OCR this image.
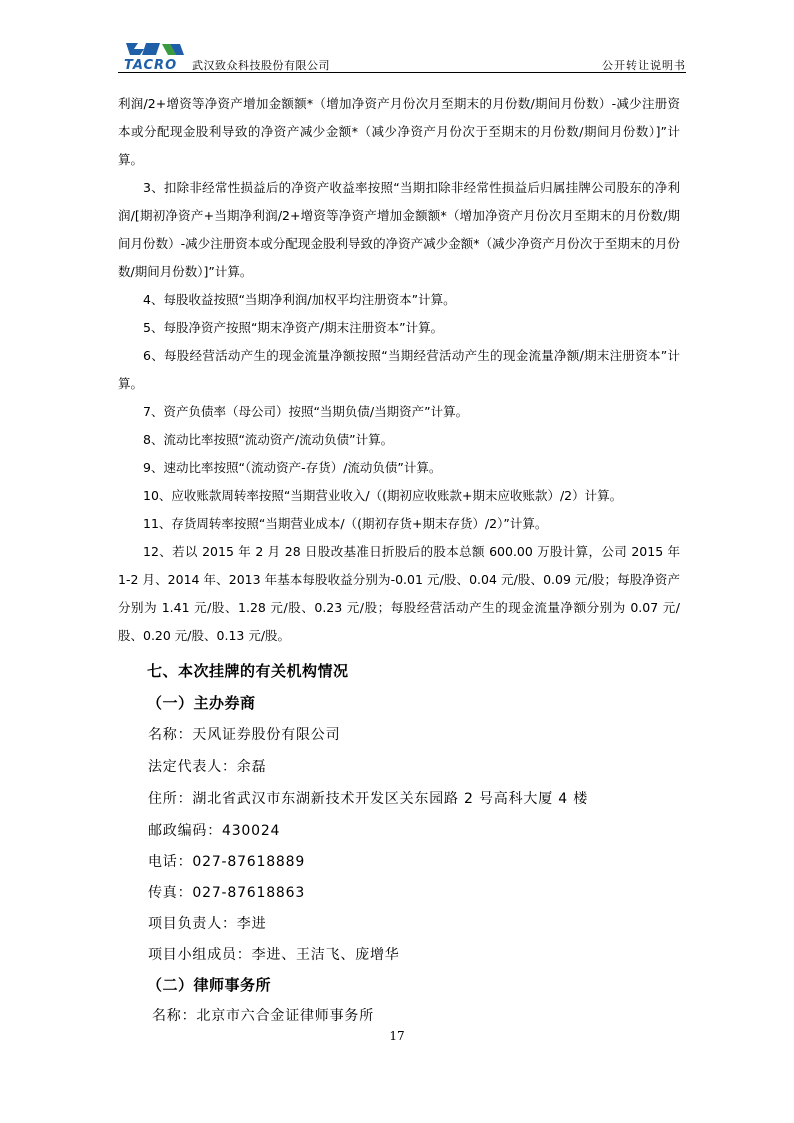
TACRO 武汉致众科技股份有限公司	公开转让说明书

利润/2+增资等净资产增加金额额*（增加净资产月份次月至期末的月份数/期间月份数）-减少注册资本或分配现金股利导致的净资产减少金额*（减少净资产月份次于至期末的月份数/期间月份数）]”计算。

3、扣除非经常性损益后的净资产收益率按照“当期扣除非经常性损益后归属挂牌公司股东的净利润/[期初净资产+当期净利润/2+增资等净资产增加金额额*（增加净资产月份次月至期末的月份数/期间月份数）-减少注册资本或分配现金股利导致的净资产减少金额*（减少净资产月份次于至期末的月份数/期间月份数）]”计算。

4、每股收益按照“当期净利润/加权平均注册资本”计算。

5、每股净资产按照“期末净资产/期末注册资本”计算。

6、每股经营活动产生的现金流量净额按照“当期经营活动产生的现金流量净额/期末注册资本”计算。

7、资产负债率（母公司）按照“当期负债/当期资产”计算。

8、流动比率按照“流动资产/流动负债”计算。

9、速动比率按照“（流动资产-存货）/流动负债”计算。

10、应收账款周转率按照“当期营业收入/（(期初应收账款+期末应收账款）/2）计算。

11、存货周转率按照“当期营业成本/（(期初存货+期末存货）/2）”计算。

12、若以 2015 年 2 月 28 日股改基准日折股后的股本总额 600.00 万股计算，公司 2015 年 1-2 月、2014 年、2013 年基本每股收益分别为-0.01 元/股、0.04 元/股、0.09 元/股；每股净资产分别为 1.41 元/股、1.28 元/股、0.23 元/股；每股经营活动产生的现金流量净额分别为 0.07 元/股、0.20 元/股、0.13 元/股。

七、本次挂牌的有关机构情况
（一）主办券商
名称：天风证券股份有限公司
法定代表人：余磊
住所：湖北省武汉市东湖新技术开发区关东园路 2 号高科大厦 4 楼
邮政编码：430024
电话：027-87618889
传真：027-87618863
项目负责人：李进
项目小组成员：李进、王洁飞、庞增华
（二）律师事务所
名称：北京市六合金证律师事务所
17
